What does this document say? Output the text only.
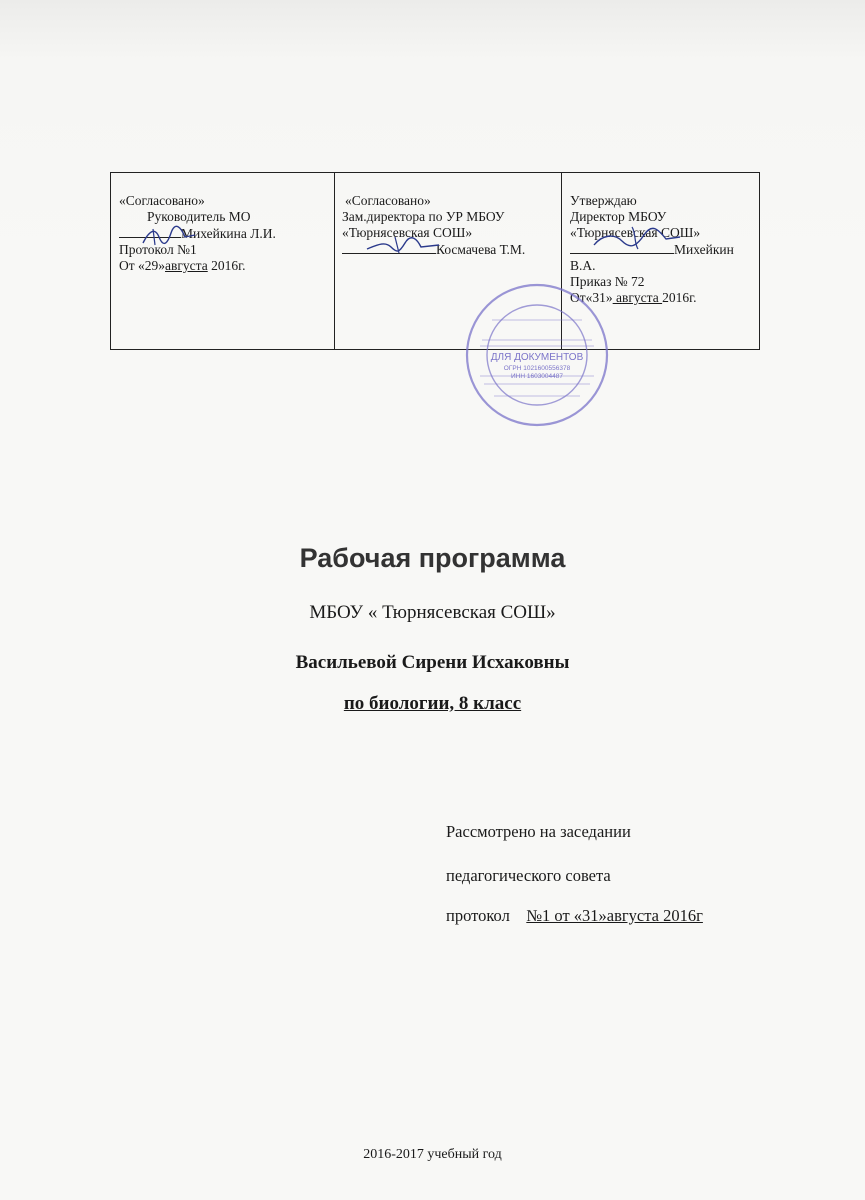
«Согласовано»
Руководитель МО
Михейкина Л.И.
Протокол №1
От «29»августа 2016г.
«Согласовано»
Зам.директора по УР МБОУ
«Тюрнясевская СОШ»
Космачева Т.М.
Утверждаю
Директор МБОУ
«Тюрнясевская СОШ»
Михейкин
В.А.
Приказ № 72
От«31» августа 2016г.
ДЛЯ ДОКУМЕНТОВ
ОГРН 1021600556378
ИНН 1603004487
Рабочая программа
МБОУ « Тюрнясевская СОШ»
Васильевой Сирени Исхаковны
по биологии, 8 класс
Рассмотрено на заседании
педагогического совета
протокол    №1 от «31»августа 2016г
2016-2017 учебный год
